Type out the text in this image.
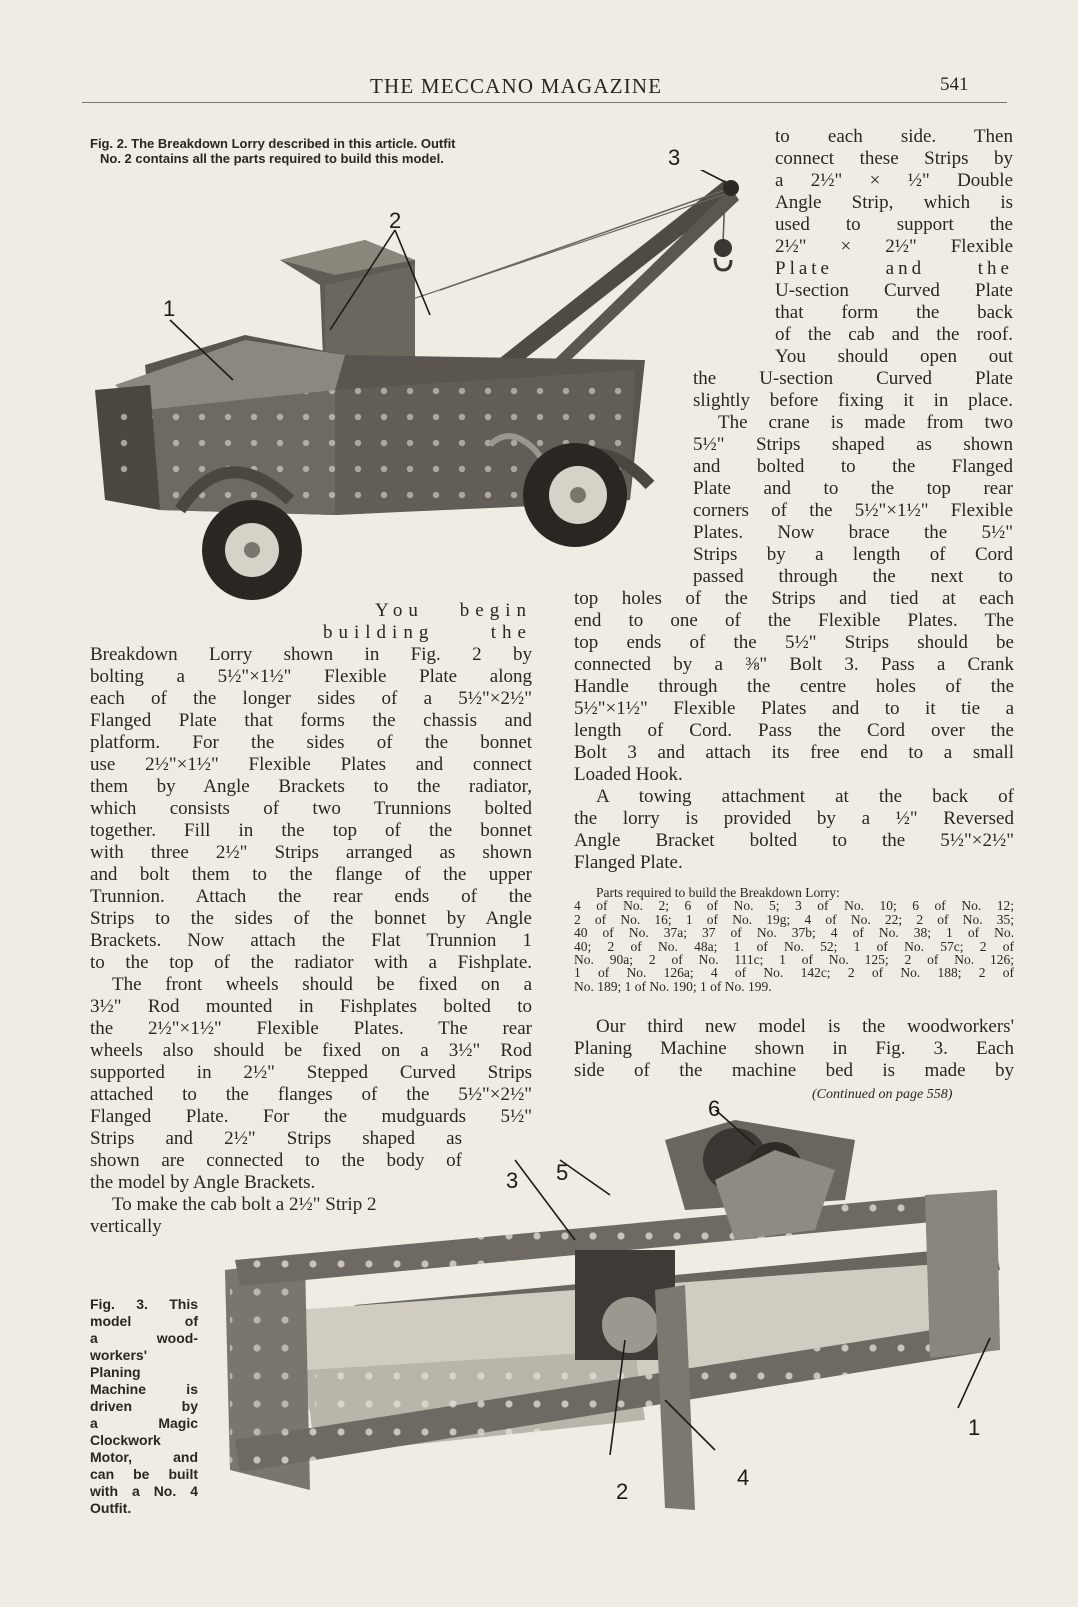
THE MECCANO MAGAZINE	541
Fig. 2. The Breakdown Lorry described in this article. Outfit
No. 2 contains all the parts required to build this model.
1
2
3

to each side. Then

connect these Strips by

a 2½" × ½" Double

Angle Strip, which is

used to support the

2½" × 2½" Flexible

Plate and the

U-section Curved Plate

that form the back

of the cab and the roof.

You should open out

the U-section Curved Plate

slightly before fixing it in place.

The crane is made from two

5½" Strips shaped as shown

and bolted to the Flanged

Plate and to the top rear

corners of the 5½"×1½" Flexible

Plates. Now brace the 5½"

Strips by a length of Cord

passed through the next to

top holes of the Strips and tied at each

end to one of the Flexible Plates. The

top ends of the 5½" Strips should be

connected by a ⅜" Bolt 3. Pass a Crank

Handle through the centre holes of the

5½"×1½" Flexible Plates and to it tie a

length of Cord. Pass the Cord over the

Bolt 3 and attach its free end to a small

Loaded Hook.

A towing attachment at the back of

the lorry is provided by a ½" Reversed

Angle Bracket bolted to the 5½"×2½"

Flanged Plate.

Parts required to build the Breakdown Lorry:

4 of No. 2; 6 of No. 5; 3 of No. 10; 6 of No. 12;

2 of No. 16; 1 of No. 19g; 4 of No. 22; 2 of No. 35;

40 of No. 37a; 37 of No. 37b; 4 of No. 38; 1 of No.

40; 2 of No. 48a; 1 of No. 52; 1 of No. 57c; 2 of

No. 90a; 2 of No. 111c; 1 of No. 125; 2 of No. 126;

1 of No. 126a; 4 of No. 142c; 2 of No. 188; 2 of

No. 189; 1 of No. 190; 1 of No. 199.

Our third new model is the woodworkers'

Planing Machine shown in Fig. 3. Each

side of the machine bed is made by

(Continued on page 558)

You begin

building the

Breakdown Lorry shown in Fig. 2 by

bolting a 5½"×1½" Flexible Plate along

each of the longer sides of a 5½"×2½"

Flanged Plate that forms the chassis and

platform. For the sides of the bonnet

use 2½"×1½" Flexible Plates and connect

them by Angle Brackets to the radiator,

which consists of two Trunnions bolted

together. Fill in the top of the bonnet

with three 2½" Strips arranged as shown

and bolt them to the flange of the upper

Trunnion. Attach the rear ends of the

Strips to the sides of the bonnet by Angle

Brackets. Now attach the Flat Trunnion 1

to the top of the radiator with a Fishplate.

The front wheels should be fixed on a

3½" Rod mounted in Fishplates bolted to

the 2½"×1½" Flexible Plates. The rear

wheels also should be fixed on a 3½" Rod

supported in 2½" Stepped Curved Strips

attached to the flanges of the 5½"×2½"

Flanged Plate. For the mudguards 5½"

Strips and 2½" Strips shaped as

shown are connected to the body of

the model by Angle Brackets.

To make the cab bolt a 2½" Strip 2

vertically

Fig. 3. This

model of

a wood-

workers'

Planing

Machine is

driven by

a Magic

Clockwork

Motor, and

can be built

with a No. 4

Outfit.

1
2
3
4
5
6
